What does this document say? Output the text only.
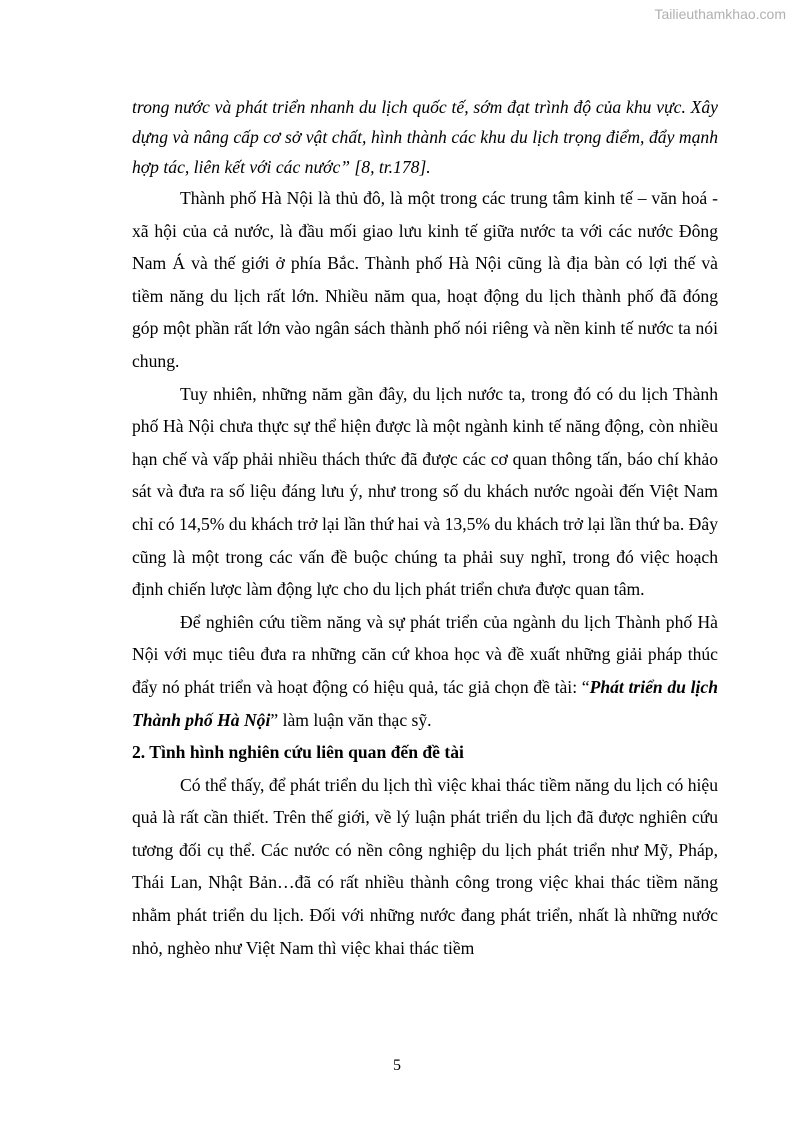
Tailieuthamkhao.com

trong nước và phát triển nhanh du lịch quốc tế, sớm đạt trình độ của khu vực. Xây dựng và nâng cấp cơ sở vật chất, hình thành các khu du lịch trọng điểm, đẩy mạnh hợp tác, liên kết với các nước” [8, tr.178].

Thành phố Hà Nội là thủ đô, là một trong các trung tâm kinh tế – văn hoá - xã hội của cả nước, là đầu mối giao lưu kinh tế giữa nước ta với các nước Đông Nam Á và thế giới ở phía Bắc. Thành phố Hà Nội cũng là địa bàn có lợi thế và tiềm năng du lịch rất lớn. Nhiều năm qua, hoạt động du lịch thành phố đã đóng góp một phần rất lớn vào ngân sách thành phố nói riêng và nền kinh tế nước ta nói chung.

Tuy nhiên, những năm gần đây, du lịch nước ta, trong đó có du lịch Thành phố Hà Nội chưa thực sự thể hiện được là một ngành kinh tế năng động, còn nhiều hạn chế và vấp phải nhiều thách thức đã được các cơ quan thông tấn, báo chí khảo sát và đưa ra số liệu đáng lưu ý, như trong số du khách nước ngoài đến Việt Nam chỉ có 14,5% du khách trở lại lần thứ hai và 13,5% du khách trở lại lần thứ ba. Đây cũng là một trong các vấn đề buộc chúng ta phải suy nghĩ, trong đó việc hoạch định chiến lược làm động lực cho du lịch phát triển chưa được quan tâm.

Để nghiên cứu tiềm năng và sự phát triển của ngành du lịch Thành phố Hà Nội với mục tiêu đưa ra những căn cứ khoa học và đề xuất những giải pháp thúc đẩy nó phát triển và hoạt động có hiệu quả, tác giả chọn đề tài: “Phát triển du lịch Thành phố Hà Nội” làm luận văn thạc sỹ.

2. Tình hình nghiên cứu liên quan đến đề tài

Có thể thấy, để phát triển du lịch thì việc khai thác tiềm năng du lịch có hiệu quả là rất cần thiết. Trên thế giới, về lý luận phát triển du lịch đã được nghiên cứu tương đối cụ thể. Các nước có nền công nghiệp du lịch phát triển như Mỹ, Pháp, Thái Lan, Nhật Bản…đã có rất nhiều thành công trong việc khai thác tiềm năng nhằm phát triển du lịch. Đối với những nước đang phát triển, nhất là những nước nhỏ, nghèo như Việt Nam thì việc khai thác tiềm

5
